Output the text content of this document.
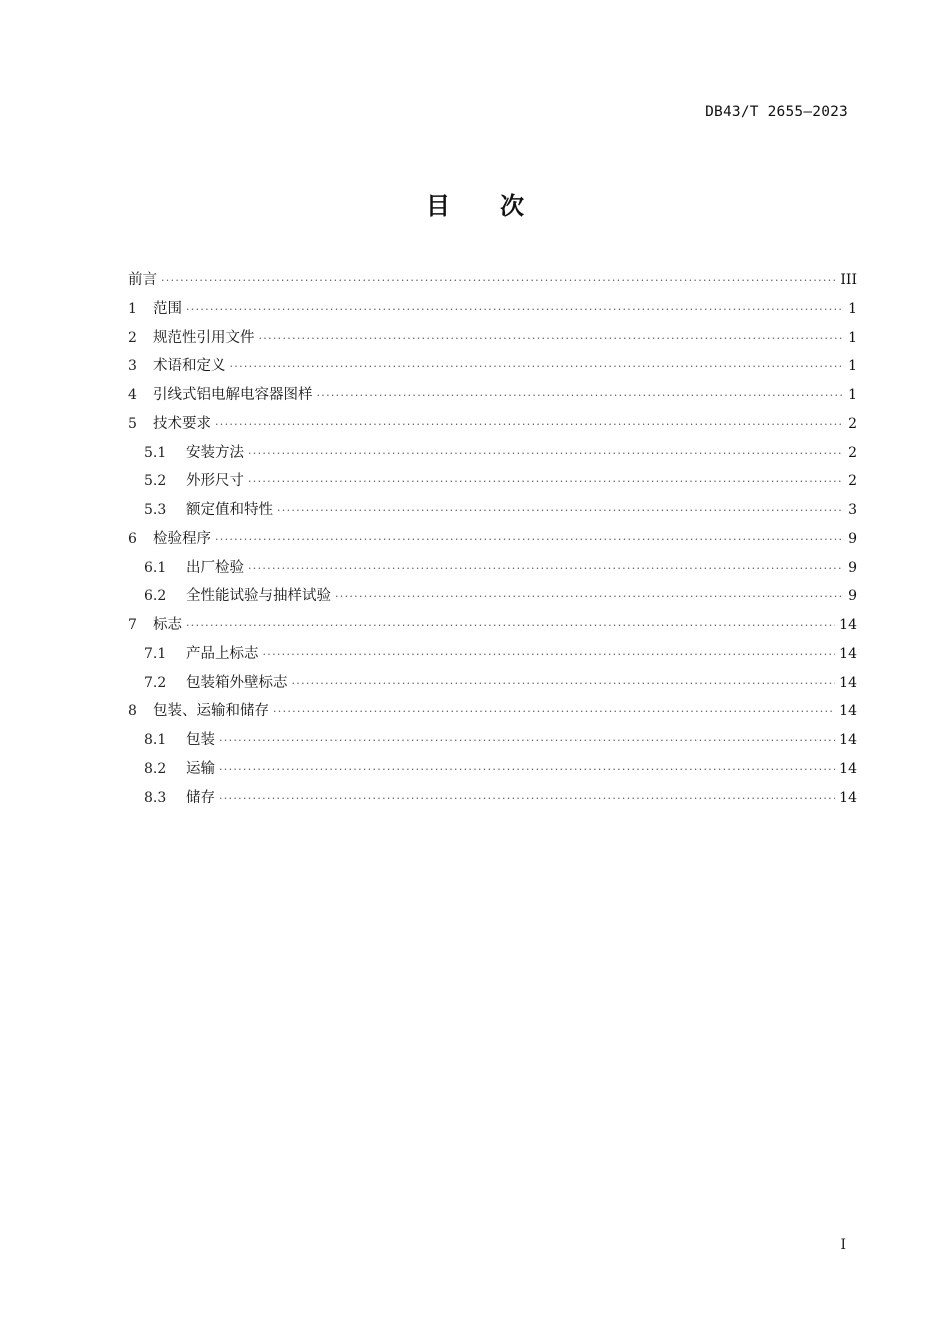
DB43/T 2655—2023
目 次
前言 ·····	III
1	范围 ·····	1
2	规范性引用文件 ·····	1
3	术语和定义 ·····	1
4	引线式铝电解电容器图样 ·····	1
5	技术要求 ·····	2
5.1	安装方法 ·····	2
5.2	外形尺寸 ·····	2
5.3	额定值和特性 ·····	3
6	检验程序 ·····	9
6.1	出厂检验 ·····	9
6.2	全性能试验与抽样试验 ·····	9
7	标志 ·····	14
7.1	产品上标志 ·····	14
7.2	包装箱外壁标志 ·····	14
8	包装、运输和储存 ·····	14
8.1	包装 ·····	14
8.2	运输 ·····	14
8.3	储存 ·····	14
I
